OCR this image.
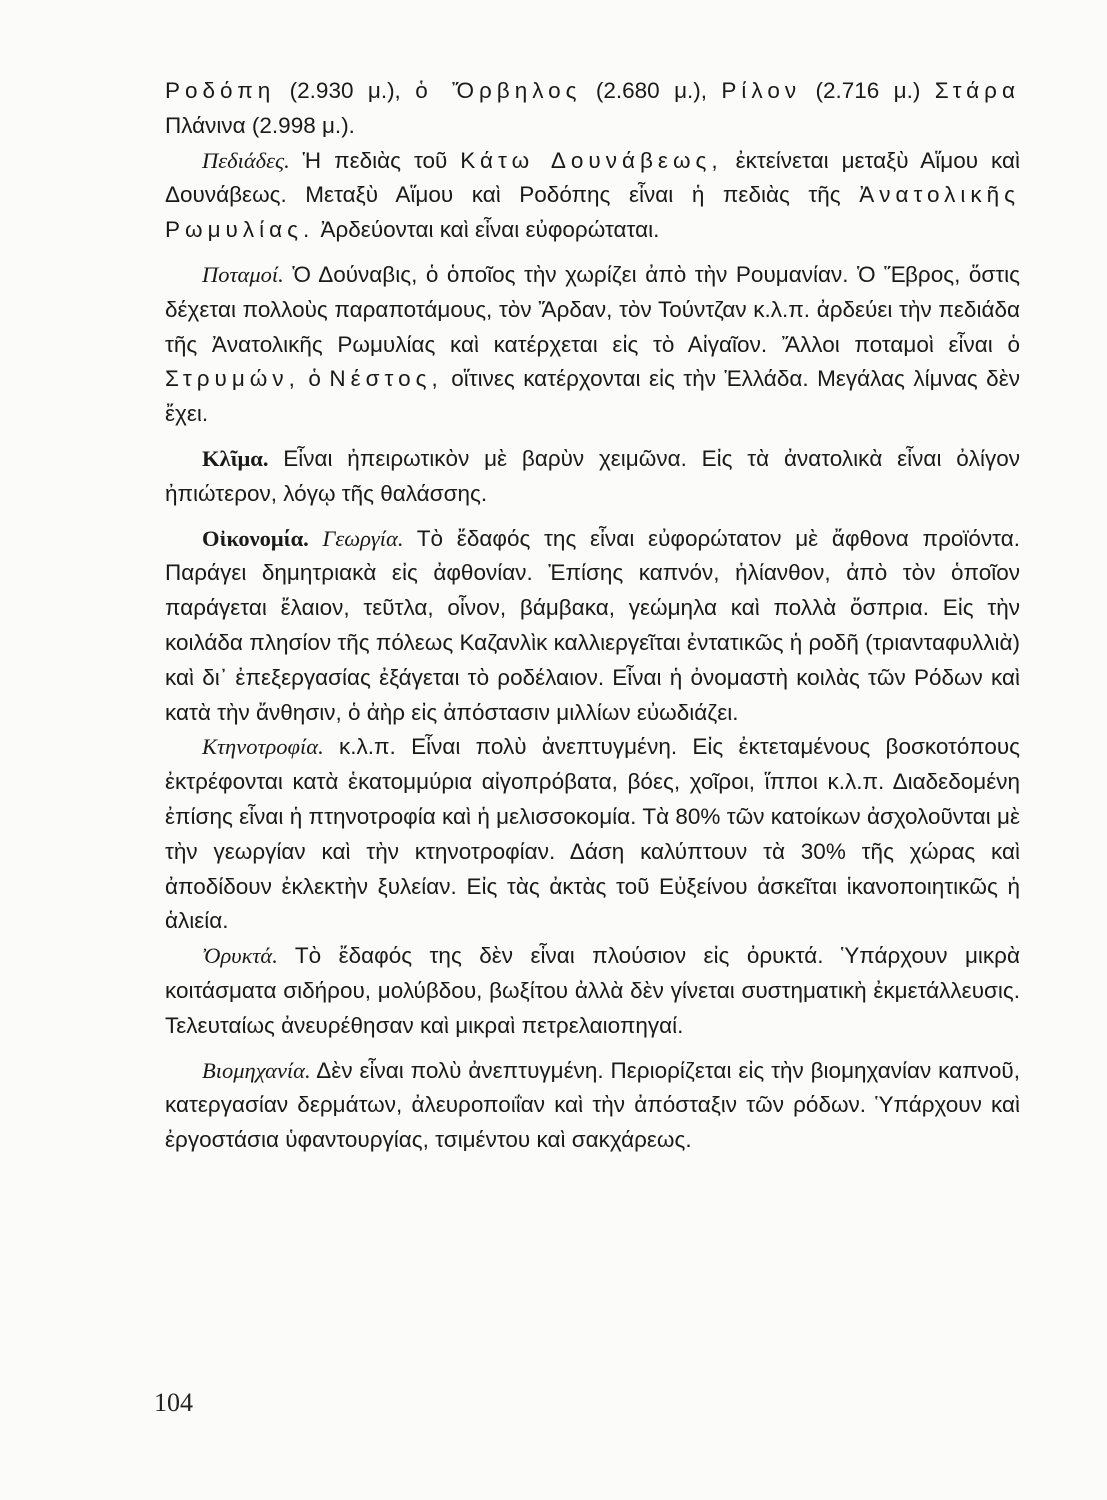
Ροδόπη (2.930 μ.), ὁ Ὄρβηλος (2.680 μ.), Ρίλον (2.716 μ.) Στάρα Πλάνινα (2.998 μ.).

Πεδιάδες. Ἡ πεδιὰς τοῦ Κάτω Δουνάβεως, ἐκτείνεται μεταξὺ Αἵμου καὶ Δουνάβεως. Μεταξὺ Αἵμου καὶ Ροδόπης εἶναι ἡ πεδιὰς τῆς Ἀνατολικῆς Ρωμυλίας. Ἀρδεύονται καὶ εἶναι εὐφορώταται.

Ποταμοί. Ὁ Δούναβις, ὁ ὁποῖος τὴν χωρίζει ἀπὸ τὴν Ρουμανίαν. Ὁ Ἕβρος, ὅστις δέχεται πολλοὺς παραποτάμους, τὸν Ἄρδαν, τὸν Τούντζαν κ.λ.π. ἀρδεύει τὴν πεδιάδα τῆς Ἀνατολικῆς Ρωμυλίας καὶ κατέρχεται εἰς τὸ Αἰγαῖον. Ἄλλοι ποταμοὶ εἶναι ὁ Στρυμών, ὁ Νέστος, οἵτινες κατέρχονται εἰς τὴν Ἑλλάδα. Μεγάλας λίμνας δὲν ἔχει.

Κλῖμα. Εἶναι ἠπειρωτικὸν μὲ βαρὺν χειμῶνα. Εἰς τὰ ἀνατολικὰ εἶναι ὀλίγον ἠπιώτερον, λόγῳ τῆς θαλάσσης.

Οἰκονομία. Γεωργία. Τὸ ἔδαφός της εἶναι εὐφορώτατον μὲ ἄφθονα προϊόντα. Παράγει δημητριακὰ εἰς ἀφθονίαν. Ἐπίσης καπνόν, ἡλίανθον, ἀπὸ τὸν ὁποῖον παράγεται ἔλαιον, τεῦτλα, οἶνον, βάμβακα, γεώμηλα καὶ πολλὰ ὄσπρια. Εἰς τὴν κοιλάδα πλησίον τῆς πόλεως Καζανλὶκ καλλιεργεῖται ἐντατικῶς ἡ ροδῆ (τριανταφυλλιὰ) καὶ δι᾽ ἐπεξεργασίας ἐξάγεται τὸ ροδέλαιον. Εἶναι ἡ ὀνομαστὴ κοιλὰς τῶν Ρόδων καὶ κατὰ τὴν ἄνθησιν, ὁ ἀὴρ εἰς ἀπόστασιν μιλλίων εὐωδιάζει.

Κτηνοτροφία. κ.λ.π. Εἶναι πολὺ ἀνεπτυγμένη. Εἰς ἐκτεταμένους βοσκοτόπους ἐκτρέφονται κατὰ ἑκατομμύρια αἰγοπρόβατα, βόες, χοῖροι, ἵπποι κ.λ.π. Διαδεδομένη ἐπίσης εἶναι ἡ πτηνοτροφία καὶ ἡ μελισσοκομία. Τὰ 80% τῶν κατοίκων ἀσχολοῦνται μὲ τὴν γεωργίαν καὶ τὴν κτηνοτροφίαν. Δάση καλύπτουν τὰ 30% τῆς χώρας καὶ ἀποδίδουν ἐκλεκτὴν ξυλείαν. Εἰς τὰς ἀκτὰς τοῦ Εὐξείνου ἀσκεῖται ἱκανοποιητικῶς ἡ ἁλιεία.

Ὀρυκτά. Τὸ ἔδαφός της δὲν εἶναι πλούσιον εἰς ὀρυκτά. Ὑπάρχουν μικρὰ κοιτάσματα σιδήρου, μολύβδου, βωξίτου ἀλλὰ δὲν γίνεται συστηματικὴ ἐκμετάλλευσις. Τελευταίως ἀνευρέθησαν καὶ μικραὶ πετρελαιοπηγαί.

Βιομηχανία. Δὲν εἶναι πολὺ ἀνεπτυγμένη. Περιορίζεται εἰς τὴν βιομηχανίαν καπνοῦ, κατεργασίαν δερμάτων, ἀλευροποιΐαν καὶ τὴν ἀπόσταξιν τῶν ρόδων. Ὑπάρχουν καὶ ἐργοστάσια ὑφαντουργίας, τσιμέντου καὶ σακχάρεως.

104
